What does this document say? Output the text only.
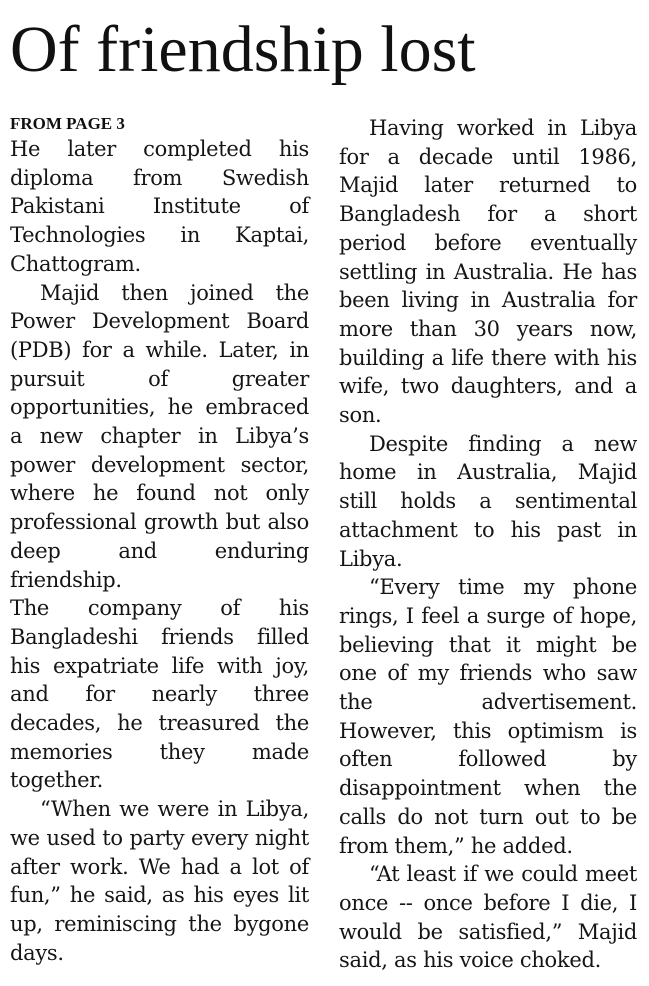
Of friendship lost
FROM PAGE 3

He later completed his diploma from Swedish Pakistani Institute of Technologies in Kaptai, Chattogram.

Majid then joined the Power Development Board (PDB) for a while. Later, in pursuit of greater opportunities, he embraced a new chapter in Libya’s power development sector, where he found not only professional growth but also deep and enduring friendship.

The company of his Bangladeshi friends filled his expatriate life with joy, and for nearly three decades, he treasured the memories they made together.

“When we were in Libya, we used to party every night after work. We had a lot of fun,” he said, as his eyes lit up, reminiscing the bygone days.

Having worked in Libya for a decade until 1986, Majid later returned to Bangladesh for a short period before eventually settling in Australia. He has been living in Australia for more than 30 years now, building a life there with his wife, two daughters, and a son.

Despite finding a new home in Australia, Majid still holds a sentimental attachment to his past in Libya.

“Every time my phone rings, I feel a surge of hope, believing that it might be one of my friends who saw the advertisement. However, this optimism is often followed by disappointment when the calls do not turn out to be from them,” he added.

“At least if we could meet once -- once before I die, I would be satisfied,” Majid said, as his voice choked.
